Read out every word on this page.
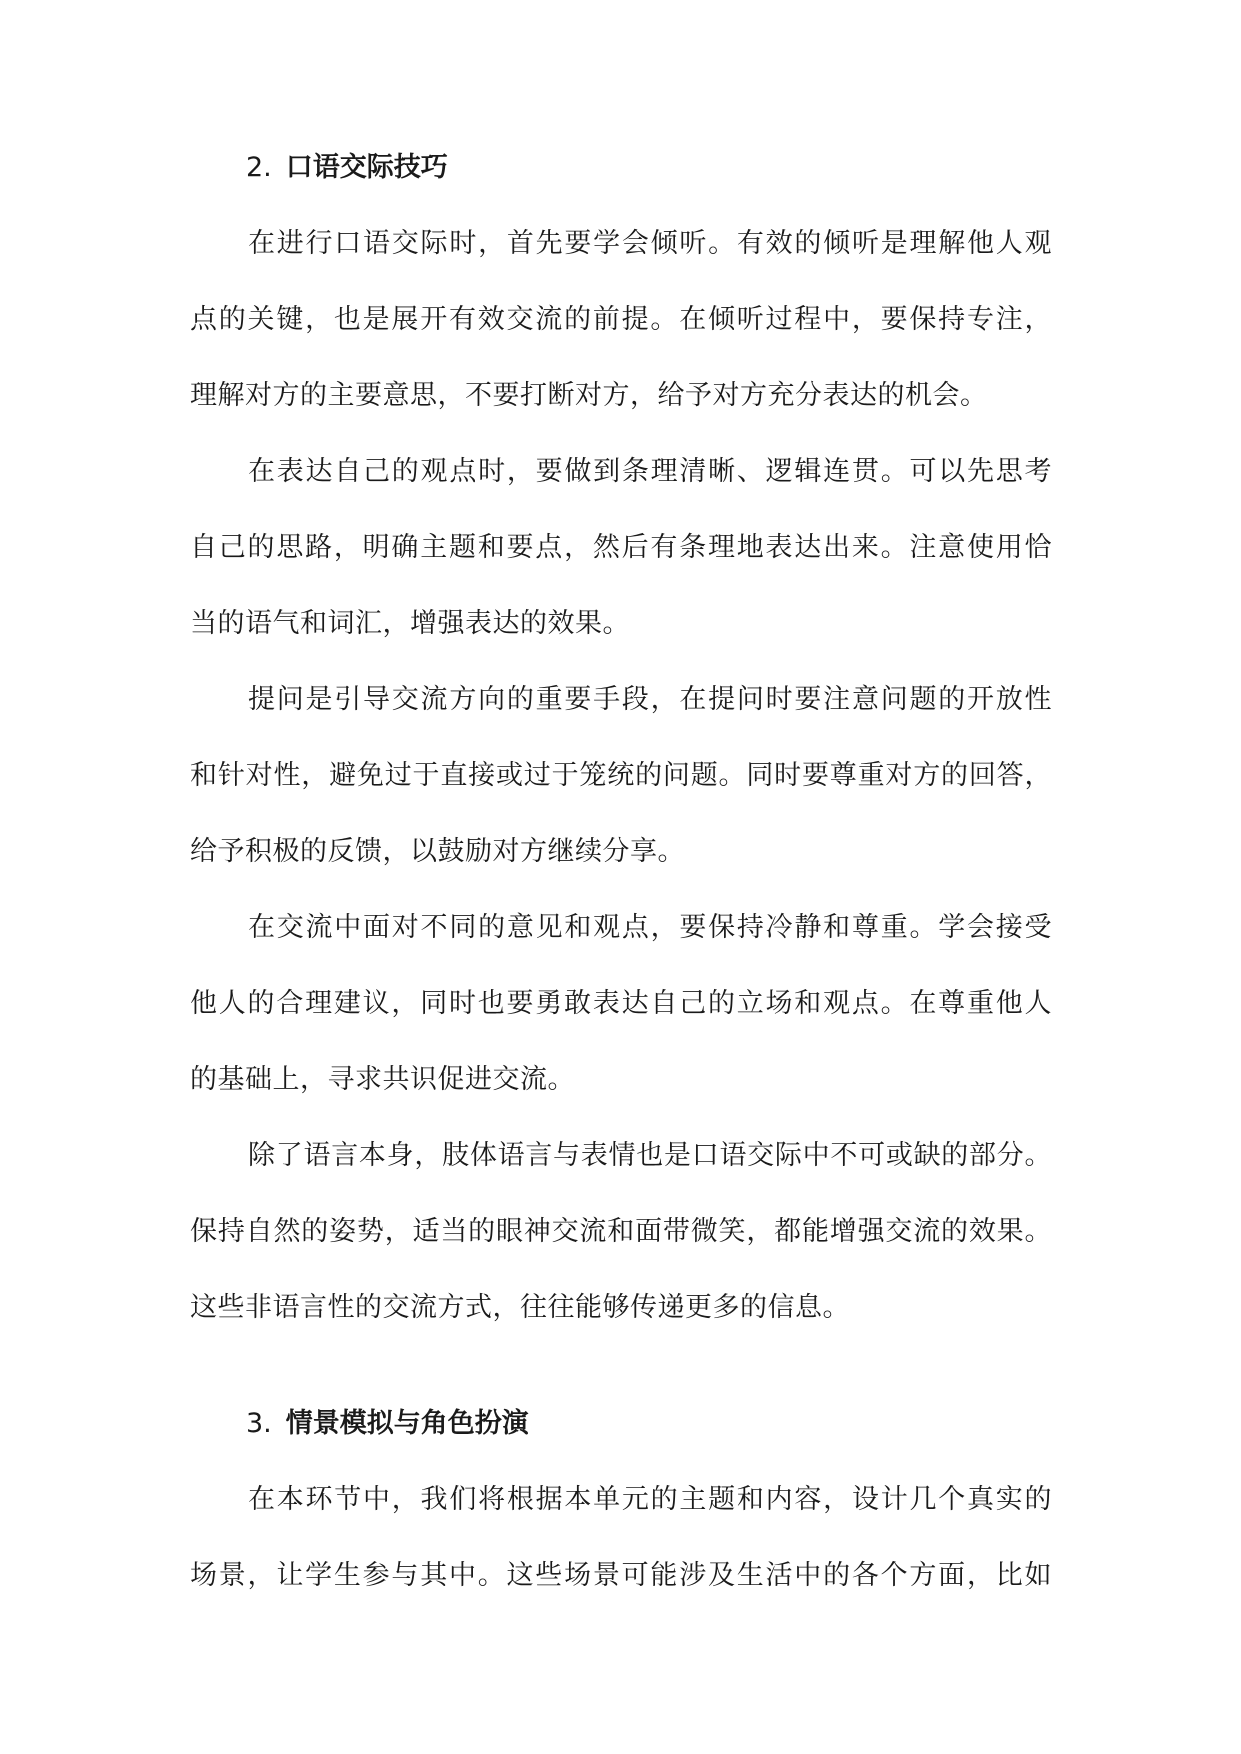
2. 口语交际技巧

在进行口语交际时，首先要学会倾听。有效的倾听是理解他人观
点的关键，也是展开有效交流的前提。在倾听过程中，要保持专注，
理解对方的主要意思，不要打断对方，给予对方充分表达的机会。

在表达自己的观点时，要做到条理清晰、逻辑连贯。可以先思考
自己的思路，明确主题和要点，然后有条理地表达出来。注意使用恰
当的语气和词汇，增强表达的效果。

提问是引导交流方向的重要手段，在提问时要注意问题的开放性
和针对性，避免过于直接或过于笼统的问题。同时要尊重对方的回答，
给予积极的反馈，以鼓励对方继续分享。

在交流中面对不同的意见和观点，要保持冷静和尊重。学会接受
他人的合理建议，同时也要勇敢表达自己的立场和观点。在尊重他人
的基础上，寻求共识促进交流。

除了语言本身，肢体语言与表情也是口语交际中不可或缺的部分。
保持自然的姿势，适当的眼神交流和面带微笑，都能增强交流的效果。
这些非语言性的交流方式，往往能够传递更多的信息。

3. 情景模拟与角色扮演

在本环节中，我们将根据本单元的主题和内容，设计几个真实的
场景，让学生参与其中。这些场景可能涉及生活中的各个方面，比如
